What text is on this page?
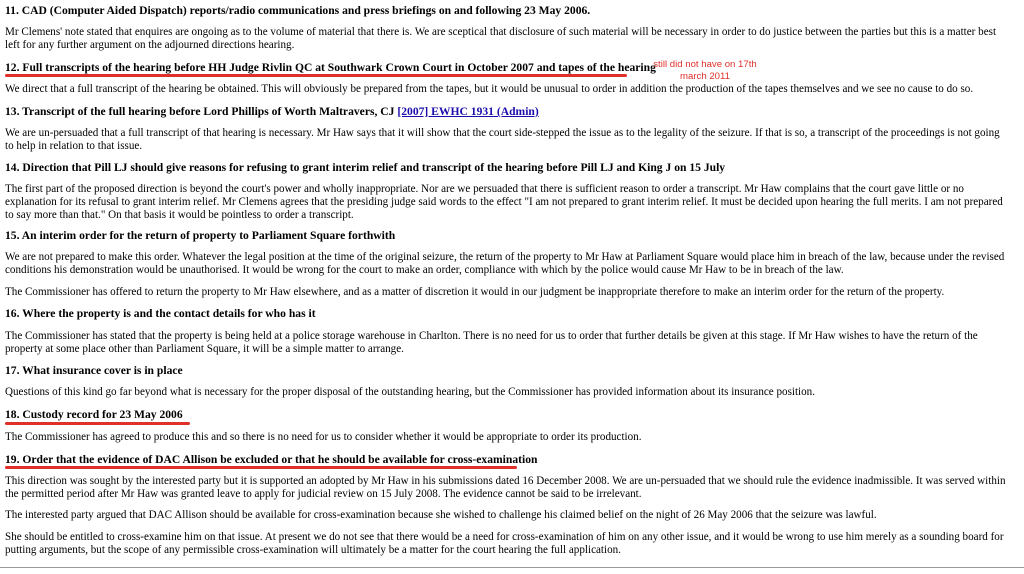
11. CAD (Computer Aided Dispatch) reports/radio communications and press briefings on and following 23 May 2006.

Mr Clemens' note stated that enquires are ongoing as to the volume of material that there is. We are sceptical that disclosure of such material will be necessary in order to do justice between the parties but this is a matter best left for any further argument on the adjourned directions hearing.

12. Full transcripts of the hearing before HH Judge Rivlin QC at Southwark Crown Court in October 2007 and tapes of the hearing

We direct that a full transcript of the hearing be obtained. This will obviously be prepared from the tapes, but it would be unusual to order in addition the production of the tapes themselves and we see no cause to do so.

13. Transcript of the full hearing before Lord Phillips of Worth Maltravers, CJ [2007] EWHC 1931 (Admin)

We are un-persuaded that a full transcript of that hearing is necessary. Mr Haw says that it will show that the court side-stepped the issue as to the legality of the seizure. If that is so, a transcript of the proceedings is not going to help in relation to that issue.

14. Direction that Pill LJ should give reasons for refusing to grant interim relief and transcript of the hearing before Pill LJ and King J on 15 July

The first part of the proposed direction is beyond the court's power and wholly inappropriate. Nor are we persuaded that there is sufficient reason to order a transcript. Mr Haw complains that the court gave little or no explanation for its refusal to grant interim relief. Mr Clemens agrees that the presiding judge said words to the effect "I am not prepared to grant interim relief. It must be decided upon hearing the full merits. I am not prepared to say more than that." On that basis it would be pointless to order a transcript.

15. An interim order for the return of property to Parliament Square forthwith

We are not prepared to make this order. Whatever the legal position at the time of the original seizure, the return of the property to Mr Haw at Parliament Square would place him in breach of the law, because under the revised conditions his demonstration would be unauthorised. It would be wrong for the court to make an order, compliance with which by the police would cause Mr Haw to be in breach of the law.

The Commissioner has offered to return the property to Mr Haw elsewhere, and as a matter of discretion it would in our judgment be inappropriate therefore to make an interim order for the return of the property.

16. Where the property is and the contact details for who has it

The Commissioner has stated that the property is being held at a police storage warehouse in Charlton. There is no need for us to order that further details be given at this stage. If Mr Haw wishes to have the return of the property at some place other than Parliament Square, it will be a simple matter to arrange.

17. What insurance cover is in place

Questions of this kind go far beyond what is necessary for the proper disposal of the outstanding hearing, but the Commissioner has provided information about its insurance position.

18. Custody record for 23 May 2006

The Commissioner has agreed to produce this and so there is no need for us to consider whether it would be appropriate to order its production.

19. Order that the evidence of DAC Allison be excluded or that he should be available for cross-examination

This direction was sought by the interested party but it is supported an adopted by Mr Haw in his submissions dated 16 December 2008. We are un-persuaded that we should rule the evidence inadmissible. It was served within the permitted period after Mr Haw was granted leave to apply for judicial review on 15 July 2008. The evidence cannot be said to be irrelevant.

The interested party argued that DAC Allison should be available for cross-examination because she wished to challenge his claimed belief on the night of 26 May 2006 that the seizure was lawful.

She should be entitled to cross-examine him on that issue. At present we do not see that there would be a need for cross-examination of him on any other issue, and it would be wrong to use him merely as a sounding board for putting arguments, but the scope of any permissible cross-examination will ultimately be a matter for the court hearing the full application.

still did not have on 17th
march 2011
